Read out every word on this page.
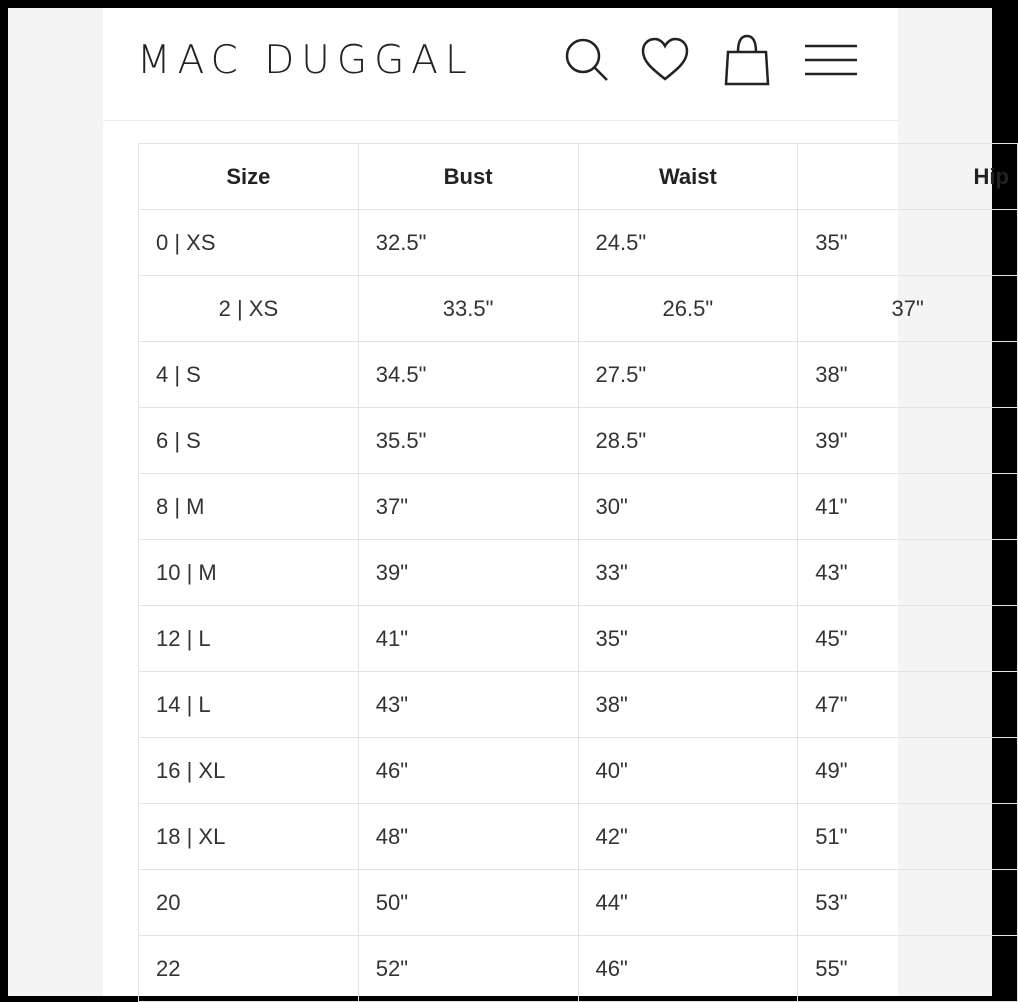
MAC DUGGAL
Size	Bust	Waist	Hip
0 | XS	32.5"	24.5"	35"
2 | XS	33.5"	26.5"	37"
4 | S	34.5"	27.5"	38"
6 | S	35.5"	28.5"	39"
8 | M	37"	30"	41"
10 | M	39"	33"	43"
12 | L	41"	35"	45"
14 | L	43"	38"	47"
16 | XL	46"	40"	49"
18 | XL	48"	42"	51"
20	50"	44"	53"
22	52"	46"	55"
